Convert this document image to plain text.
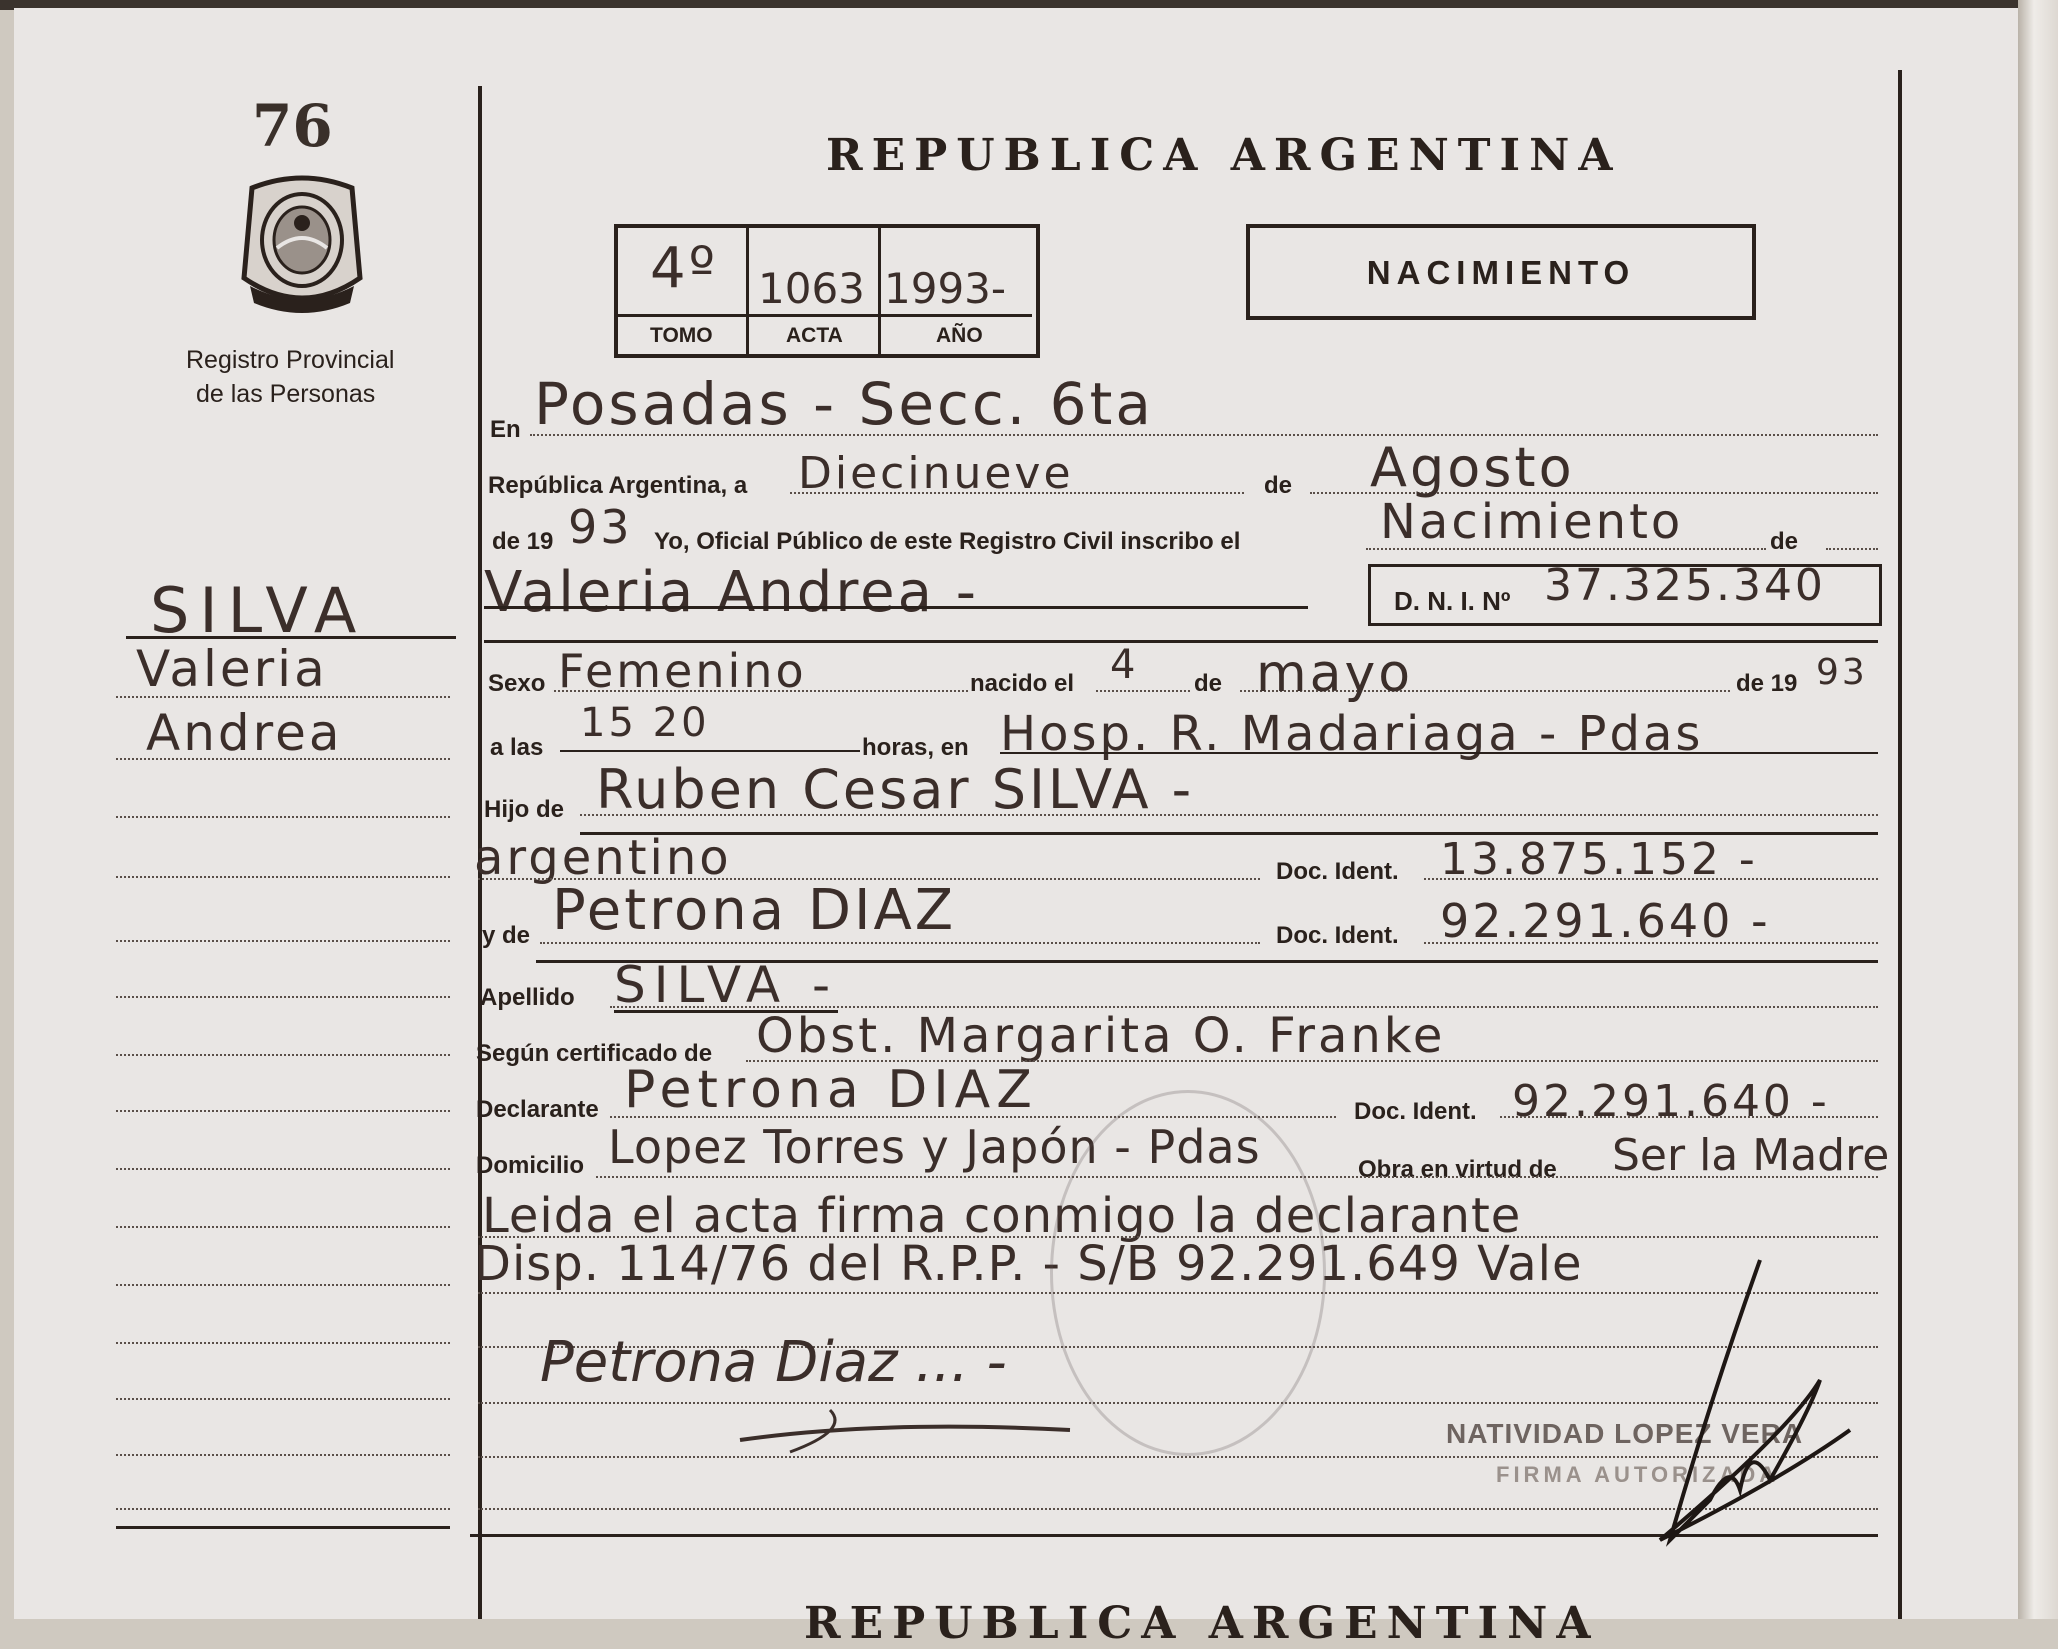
76
Registro Provincial
de las Personas
SILVA
Valeria
Andrea
REPUBLICA ARGENTINA
4º 1063 1993-
TOMO	ACTA	AÑO
NACIMIENTO
En Posadas - Secc. 6ta
República Argentina, a Diecinueve	de Agosto
de 19 93 Yo, Oficial Público de este Registro Civil inscribo el	Nacimiento	de
Valeria Andrea -	D. N. I. Nº 37.325.340
Sexo Femenino	nacido el 4 de mayo	de 19 93
a las
15 20
horas, en Hosp. R. Madariaga - Pdas
Hijo de Ruben Cesar SILVA -
argentino	Doc. Ident. 13.875.152 -
y de Petrona DIAZ	Doc. Ident. 92.291.640 -
Apellido SILVA -
Según certificado de Obst. Margarita O. Franke
Declarante Petrona DIAZ	Doc. Ident. 92.291.640 -
Domicilio Lopez Torres y Japón - Pdas	Obra en virtud de Ser la Madre
Leida el acta firma conmigo la declarante
Disp. 114/76 del R.P.P. - S/B 92.291.649 Vale
Petrona Diaz ... -
NATIVIDAD LOPEZ VERA
FIRMA AUTORIZADA
REPUBLICA ARGENTINA
